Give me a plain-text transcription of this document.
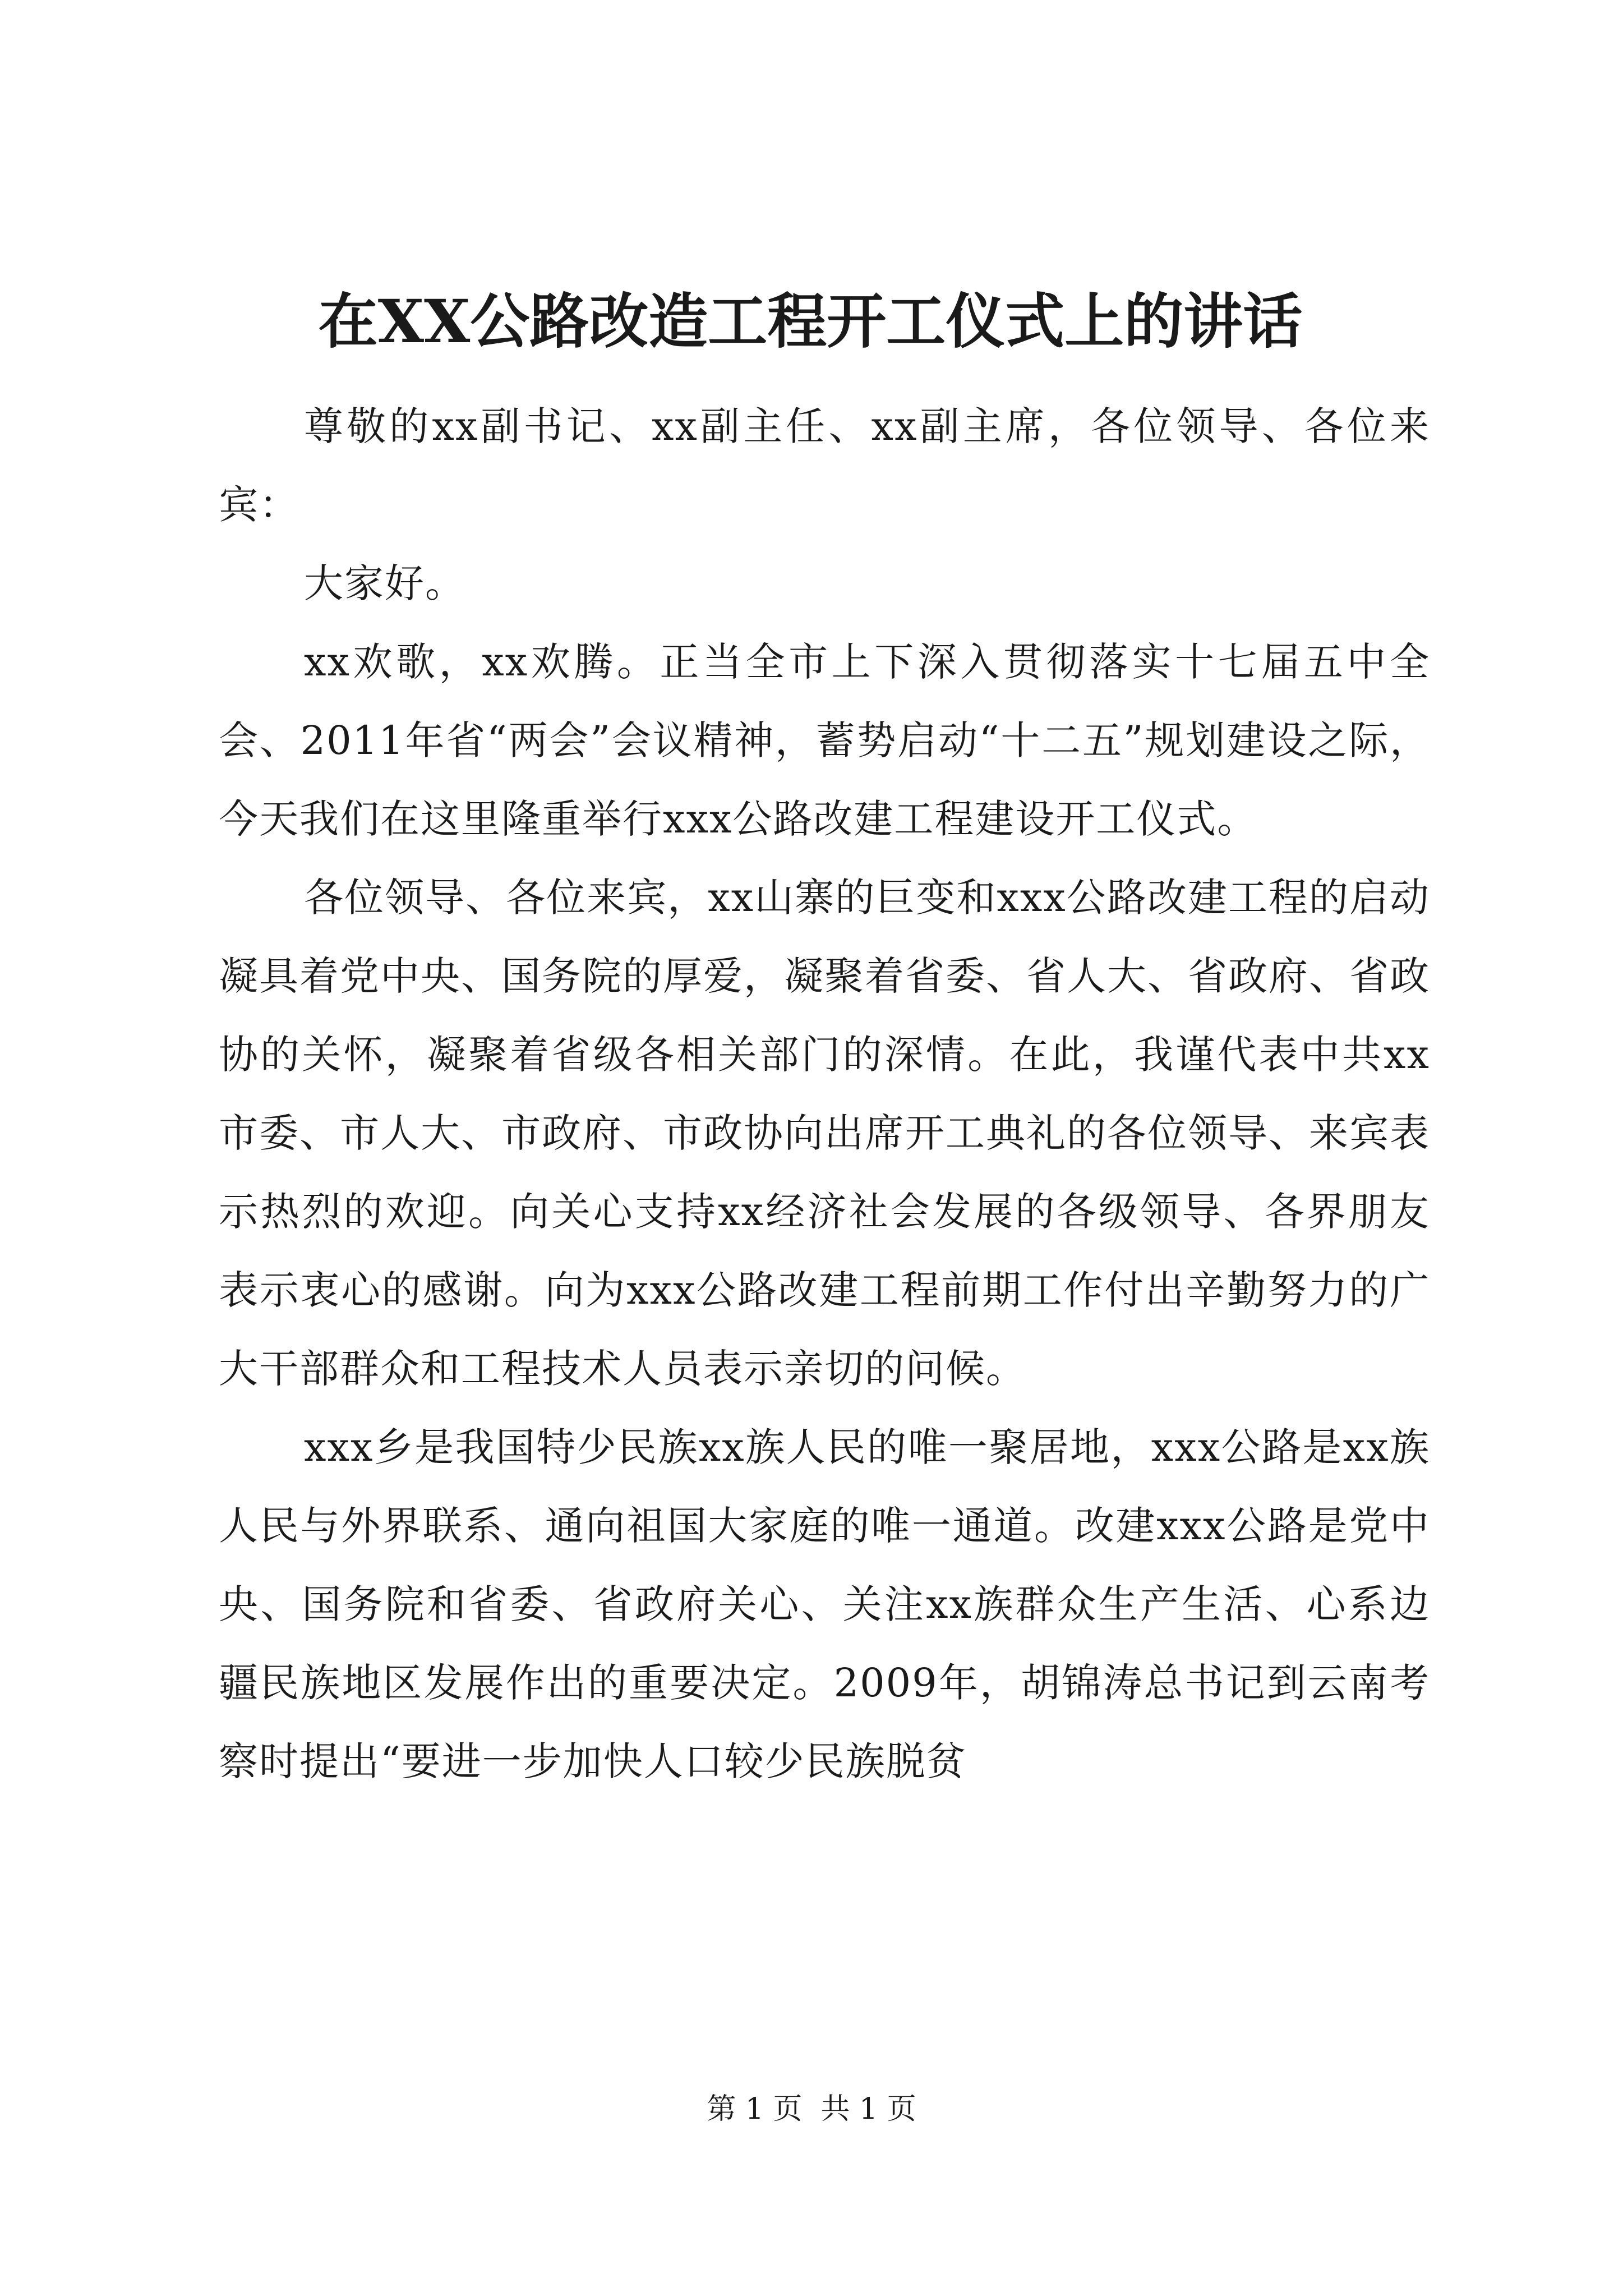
在XX公路改造工程开工仪式上的讲话

尊敬的xx副书记、xx副主任、xx副主席，各位领导、各位来宾：

大家好。

xx欢歌，xx欢腾。正当全市上下深入贯彻落实十七届五中全会、2011年省“两会”会议精神，蓄势启动“十二五”规划建设之际，今天我们在这里隆重举行xxx公路改建工程建设开工仪式。

各位领导、各位来宾，xx山寨的巨变和xxx公路改建工程的启动凝具着党中央、国务院的厚爱，凝聚着省委、省人大、省政府、省政协的关怀，凝聚着省级各相关部门的深情。在此，我谨代表中共xx市委、市人大、市政府、市政协向出席开工典礼的各位领导、来宾表示热烈的欢迎。向关心支持xx经济社会发展的各级领导、各界朋友表示衷心的感谢。向为xxx公路改建工程前期工作付出辛勤努力的广大干部群众和工程技术人员表示亲切的问候。

xxx乡是我国特少民族xx族人民的唯一聚居地，xxx公路是xx族人民与外界联系、通向祖国大家庭的唯一通道。改建xxx公路是党中央、国务院和省委、省政府关心、关注xx族群众生产生活、心系边疆民族地区发展作出的重要决定。2009年，胡锦涛总书记到云南考察时提出“要进一步加快人口较少民族脱贫

第 1 页  共 1 页
